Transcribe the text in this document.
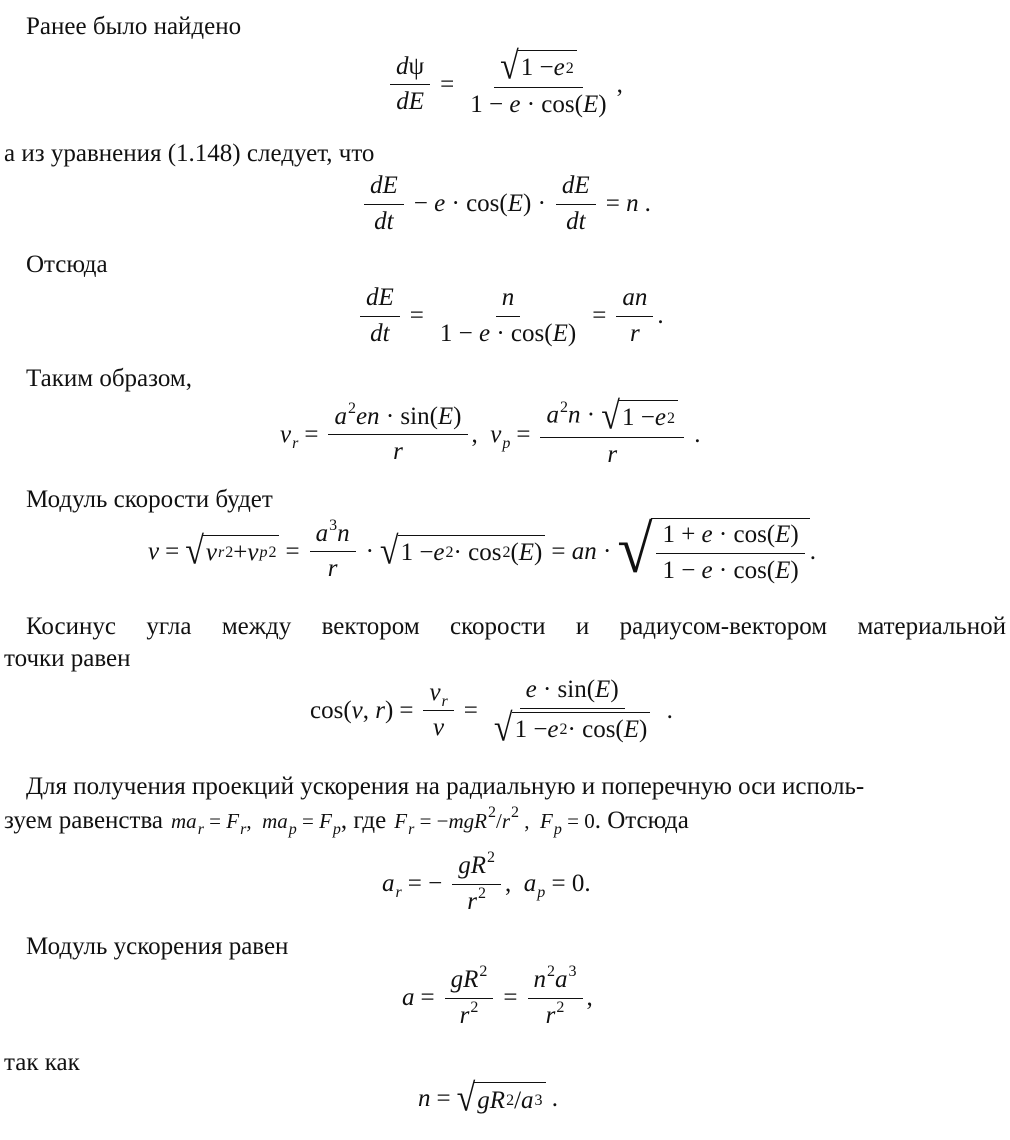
Ранее было найдено
$\frac{d\psi}{dE} = \frac{√ 1 - e 2}{1 - e \cdot \cos(E)}$ ,
а из уравнения (1.148) следует, что
$\frac{dE}{dt} - e \cdot \cos(E) \cdot \frac{dE}{dt} = n$ .
Отсюда
$\frac{dE}{dt} = \frac{n}{1 - e \cdot \cos(E)} = \frac{an}{r}$ .
Таким образом,
$v_r = \frac{a^2en \cdot \sin(E)}{r}$ ,  $v_p = \frac{a^2n \cdot √ 1 - e 2}{r}$ .
Модуль скорости будет
v = √ v r 2 + v p $2 = \frac{a^3n}{r}$ · √ 1 − e 2 · cos 2 ( E ) = an · √ $\frac{1 + e \cdot \cos(E)}{1 - e \cdot \cos(E)}$ .
Косинус угла между вектором скорости и радиусом-вектором материальной
точки равен
cos(v, $r) = \frac{v_r}{v} = \frac{e \cdot \sin(E)}{√ 1 - e 2 \cdot \cos( E )}$ .
Для получения проекций ускорения на радиальную и поперечную оси исполь-
зуем равенства $ma_r = F_r$,  $ma_p = F_p$ , где $F_r = -mgR^2/r^2$ ,  $F_p = 0$ . Отсюда
$a_r$ = − $\frac{gR^2}{r^2}$ ,  $a_p = 0$ .
Модуль ускорения равен
$a = \frac{gR^2}{r^2} = \frac{n^2a^3}{r^2}$ ,
так как
n = √ gR 2 / a 3 .
